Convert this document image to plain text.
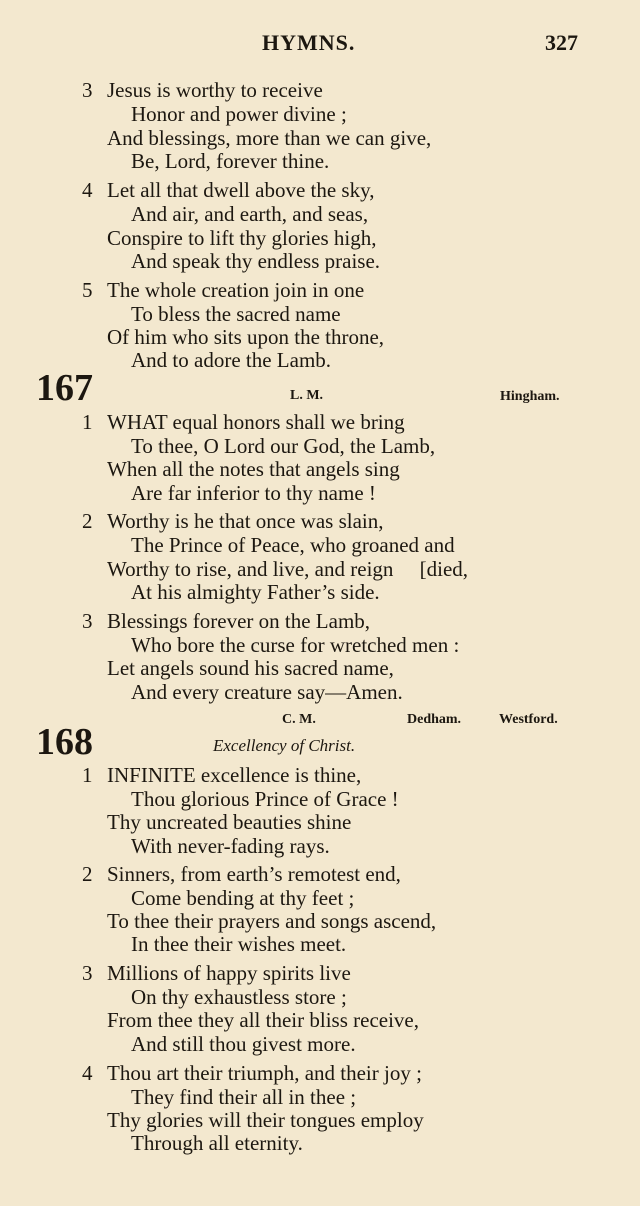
HYMNS.	327
3 Jesus is worthy to receive
Honor and power divine ;
And blessings, more than we can give,
Be, Lord, forever thine.
4 Let all that dwell above the sky,
And air, and earth, and seas,
Conspire to lift thy glories high,
And speak thy endless praise.
5 The whole creation join in one
To bless the sacred name
Of him who sits upon the throne,
And to adore the Lamb.
167	L. M.	Hingham.
1 WHAT equal honors shall we bring
To thee, O Lord our God, the Lamb,
When all the notes that angels sing
Are far inferior to thy name !
2 Worthy is he that once was slain,
The Prince of Peace, who groaned and
Worthy to rise, and live, and reign     [died,
At his almighty Father’s side.
3 Blessings forever on the Lamb,
Who bore the curse for wretched men :
Let angels sound his sacred name,
And every creature say—Amen.
C. M.	Dedham.	Westford.
168	Excellency of Christ.
1 INFINITE excellence is thine,
Thou glorious Prince of Grace !
Thy uncreated beauties shine
With never-fading rays.
2 Sinners, from earth’s remotest end,
Come bending at thy feet ;
To thee their prayers and songs ascend,
In thee their wishes meet.
3 Millions of happy spirits live
On thy exhaustless store ;
From thee they all their bliss receive,
And still thou givest more.
4 Thou art their triumph, and their joy ;
They find their all in thee ;
Thy glories will their tongues employ
Through all eternity.
